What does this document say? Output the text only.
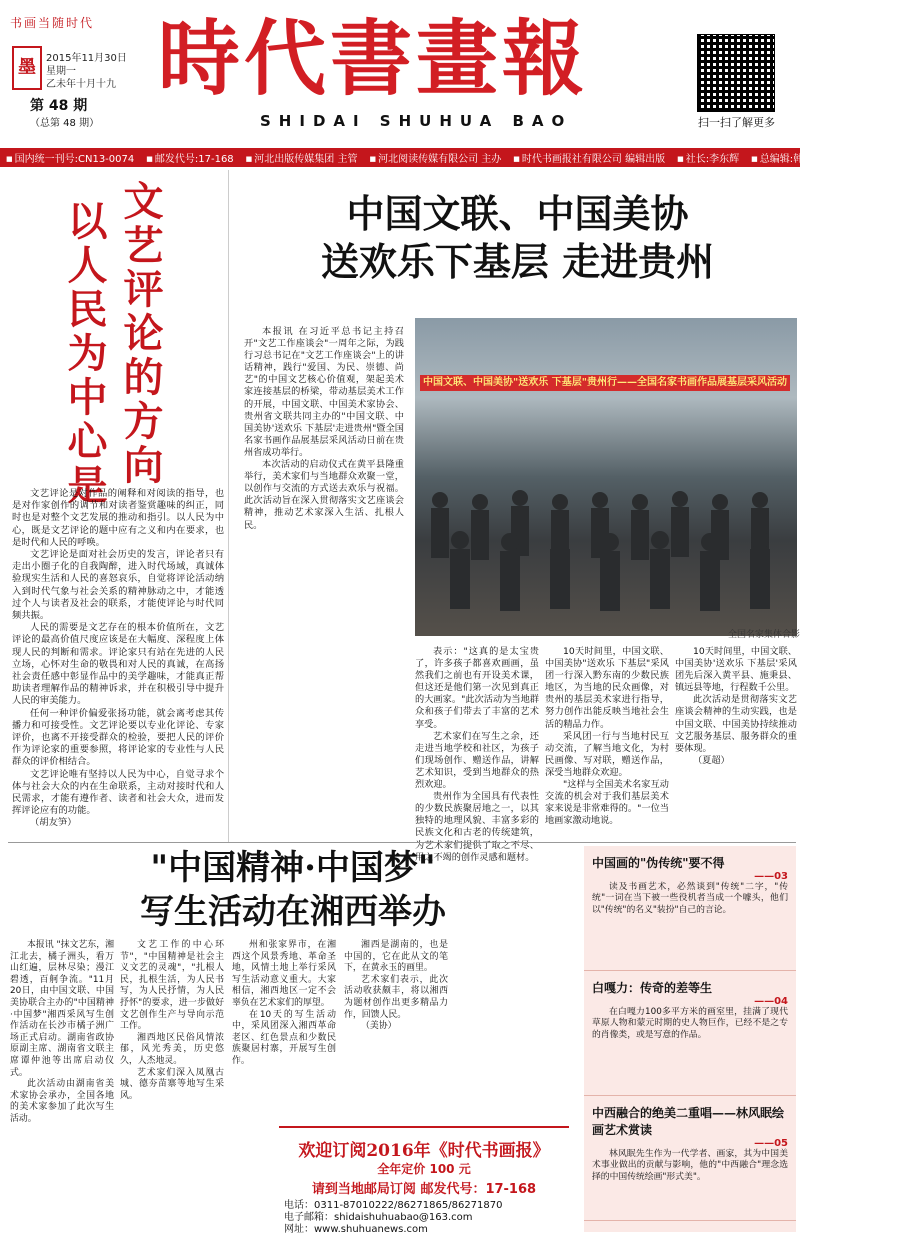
书画当随时代
墨	2015年11月30日
星期一
乙未年十月十九
第 48 期
（总第 48 期）
時代書畫報
SHIDAI SHUHUA BAO	扫一扫了解更多
■ 国内统一刊号:CN13-0074	■ 邮发代号:17-168	■ 河北出版传媒集团 主管	■ 河北阅读传媒有限公司 主办	■ 时代书画报社有限公司 编辑出版	■ 社长:李东辉	■ 总编辑:韩冰雪	■ 刊头题字:刘大为
文艺评论的方向
以人民为中心是

文艺评论是对作品的阐释和对阅读的指导，也是对作家创作的调节和对读者鉴赏趣味的纠正，同时也是对整个文艺发展的推动和指引。以人民为中心，既是文艺评论的题中应有之义和内在要求，也是时代和人民的呼唤。

文艺评论是面对社会历史的发言，评论者只有走出小圈子化的自我陶醉，进入时代场域，真诚体验现实生活和人民的喜怒哀乐，自觉将评论活动纳入到时代气象与社会关系的精神脉动之中，才能透过个人与读者及社会的联系，才能使评论与时代同频共振。

人民的需要是文艺存在的根本价值所在，文艺评论的最高价值尺度应该是在大幅度、深程度上体现人民的判断和需求。评论家只有站在先进的人民立场，心怀对生命的敬畏和对人民的真诚，在高扬社会责任感中彰显作品中的美学趣味，才能真正帮助读者理解作品的精神诉求，并在积极引导中提升人民的审美能力。

任何一种评价偏爱张扬功能，就会离考虑其传播力和可接受性。文艺评论要以专业化评论、专家评价，也离不开接受群众的检验，要把人民的评价作为评论家的重要参照，将评论家的专业性与人民群众的评价相结合。

文艺评论唯有坚持以人民为中心，自觉寻求个体与社会大众的内在生命联系，主动对接时代和人民需求，才能有遵作者、读者和社会大众，进而发挥评论应有的功能。

（胡友笋）

中国文联、中国美协
送欢乐下基层 走进贵州

本报讯 在习近平总书记主持召开"文艺工作座谈会"一周年之际，为践行习总书记在"文艺工作座谈会"上的讲话精神，践行"爱国、为民、崇德、尚艺"的中国文艺核心价值观，架起美术家连接基层的桥梁，带动基层美术工作的开展，中国文联、中国美术家协会、贵州省文联共同主办的"中国文联、中国美协'送欢乐 下基层'走进贵州"暨全国名家书画作品展基层采风活动日前在贵州省成功举行。

本次活动的启动仪式在黄平县隆重举行，美术家们与当地群众欢聚一堂，以创作与交流的方式送去欢乐与祝福。此次活动旨在深入贯彻落实文艺座谈会精神，推动艺术家深入生活、扎根人民。

中国文联、中国美协"送欢乐 下基层"贵州行——全国名家书画作品展基层采风活动
全国名家集体合影

表示："这真的是太宝贵了，许多孩子都喜欢画画，虽然我们之前也有开设美术课，但这还是他们第一次见到真正的大画家。"此次活动为当地群众和孩子们带去了丰富的艺术享受。

艺术家们在写生之余，还走进当地学校和社区，为孩子们现场创作、赠送作品，讲解艺术知识，受到当地群众的热烈欢迎。

贵州作为全国具有代表性的少数民族聚居地之一，以其独特的地理风貌、丰富多彩的民族文化和古老的传统建筑，为艺术家们提供了取之不尽、用之不竭的创作灵感和题材。

10天时间里，中国文联、中国美协"送欢乐 下基层"采风团一行深入黔东南的少数民族地区，为当地的民众画像，对贵州的基层美术家进行指导，努力创作出能反映当地社会生活的精品力作。

采风团一行与当地村民互动交流，了解当地文化，为村民画像、写对联，赠送作品，深受当地群众欢迎。

"这样与全国美术名家互动交流的机会对于我们基层美术家来说是非常难得的。"一位当地画家激动地说。

10天时间里，中国文联、中国美协'送欢乐 下基层'采风团先后深入黄平县、施秉县、镇远县等地，行程数千公里。

此次活动是贯彻落实文艺座谈会精神的生动实践，也是中国文联、中国美协持续推动文艺服务基层、服务群众的重要体现。

（夏超）

"中国精神·中国梦"
写生活动在湘西举办

本报讯 "抹文艺东，湘江北去，橘子洲头，看万山红遍，层林尽染；漫江碧透，百舸争流。"11月20日，由中国文联、中国美协联合主办的"中国精神·中国梦"湘西采风写生创作活动在长沙市橘子洲广场正式启动。湖南省政协原副主席、湖南省文联主席谭仲池等出席启动仪式。

此次活动由湖南省美术家协会承办，全国各地的美术家参加了此次写生活动。

文艺工作的中心环节"，"中国精神是社会主义文艺的灵魂"，"扎根人民，扎根生活，为人民书写，为人民抒情，为人民抒怀"的要求，进一步做好文艺创作生产与导向示范工作。

湘西地区民俗风情浓郁，风光秀美，历史悠久，人杰地灵。

艺术家们深入凤凰古城、德夯苗寨等地写生采风。

州和张家界市，在湘西这个风景秀地、革命圣地，风情土地上举行采风写生活动意义重大。大家相信，湘西地区一定不会辜负在艺术家们的厚望。

在10天的写生活动中，采风团深入湘西革命老区、红色景点和少数民族聚居村寨，开展写生创作。

湘西是湖南的，也是中国的，它在此从文的笔下，在黄永玉的画里。

艺术家们表示，此次活动收获颇丰，将以湘西为题材创作出更多精品力作，回馈人民。

（美协）

欢迎订阅2016年《时代书画报》
全年定价 100 元
请到当地邮局订阅 邮发代号：17-168
电话：0311-87010222/86271865/86271870
电子邮箱：shidaishuhuabao@163.com
网址：www.shuhuanews.com
中国画的"伪传统"要不得
——03
读及书画艺术，必然谈到"传统"二字，"传统"一词在当下被一些役机者当成一个噱头，他们以"传统"的名义"装扮"自己的言论。
白嘎力：传奇的差等生
——04
在白嘎力100多平方米的画室里，挂满了现代草原人物和蒙元时期的史人物巨作，已经不是之专的肖像类，或是写意的作品。
中西融合的绝美二重唱——林风眠绘画艺术赏读
——05
林风眠先生作为一代学者、画家，其为中国美术事业做出的贡献与影响，他的"中西融合"理念选择的中国传统绘画"形式美"。
